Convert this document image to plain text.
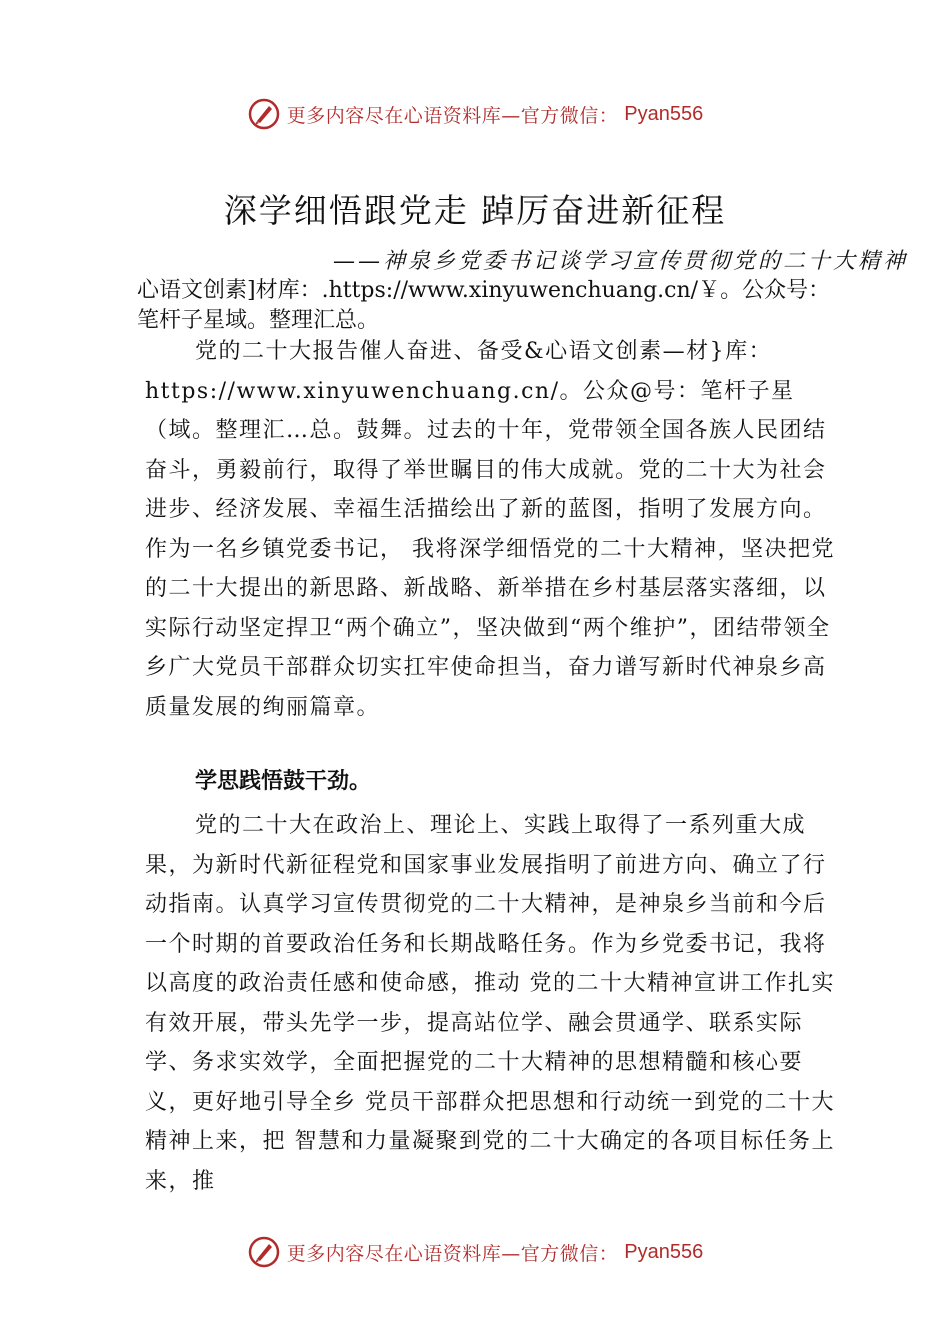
更多内容尽在心语资料库—官方微信： Pyan556
深学细悟跟党走 踔厉奋进新征程
——神泉乡党委书记谈学习宣传贯彻党的二十大精神
心语文创素]材库：.https://www.xinyuwenchuang.cn/￥。公众号：笔杆子星域。整理汇总。
党的二十大报告催人奋进、备受&心语文创素—材}库：https://www.xinyuwenchuang.cn/。公众@号：笔杆子星（域。整理汇…总。鼓舞。过去的十年，党带领全国各族人民团结奋斗，勇毅前行，取得了举世瞩目的伟大成就。党的二十大为社会进步、经济发展、幸福生活描绘出了新的蓝图，指明了发展方向。作为一名乡镇党委书记， 我将深学细悟党的二十大精神，坚决把党的二十大提出的新思路、新战略、新举措在乡村基层落实落细，以实际行动坚定捍卫“两个确立”，坚决做到“两个维护”，团结带领全乡广大党员干部群众切实扛牢使命担当，奋力谱写新时代神泉乡高质量发展的绚丽篇章。
学思践悟鼓干劲。
党的二十大在政治上、理论上、实践上取得了一系列重大成果，为新时代新征程党和国家事业发展指明了前进方向、确立了行动指南。认真学习宣传贯彻党的二十大精神，是神泉乡当前和今后一个时期的首要政治任务和长期战略任务。作为乡党委书记，我将以高度的政治责任感和使命感，推动 党的二十大精神宣讲工作扎实有效开展，带头先学一步，提高站位学、融会贯通学、联系实际学、务求实效学，全面把握党的二十大精神的思想精髓和核心要义，更好地引导全乡 党员干部群众把思想和行动统一到党的二十大精神上来，把 智慧和力量凝聚到党的二十大确定的各项目标任务上来，推
更多内容尽在心语资料库—官方微信： Pyan556
